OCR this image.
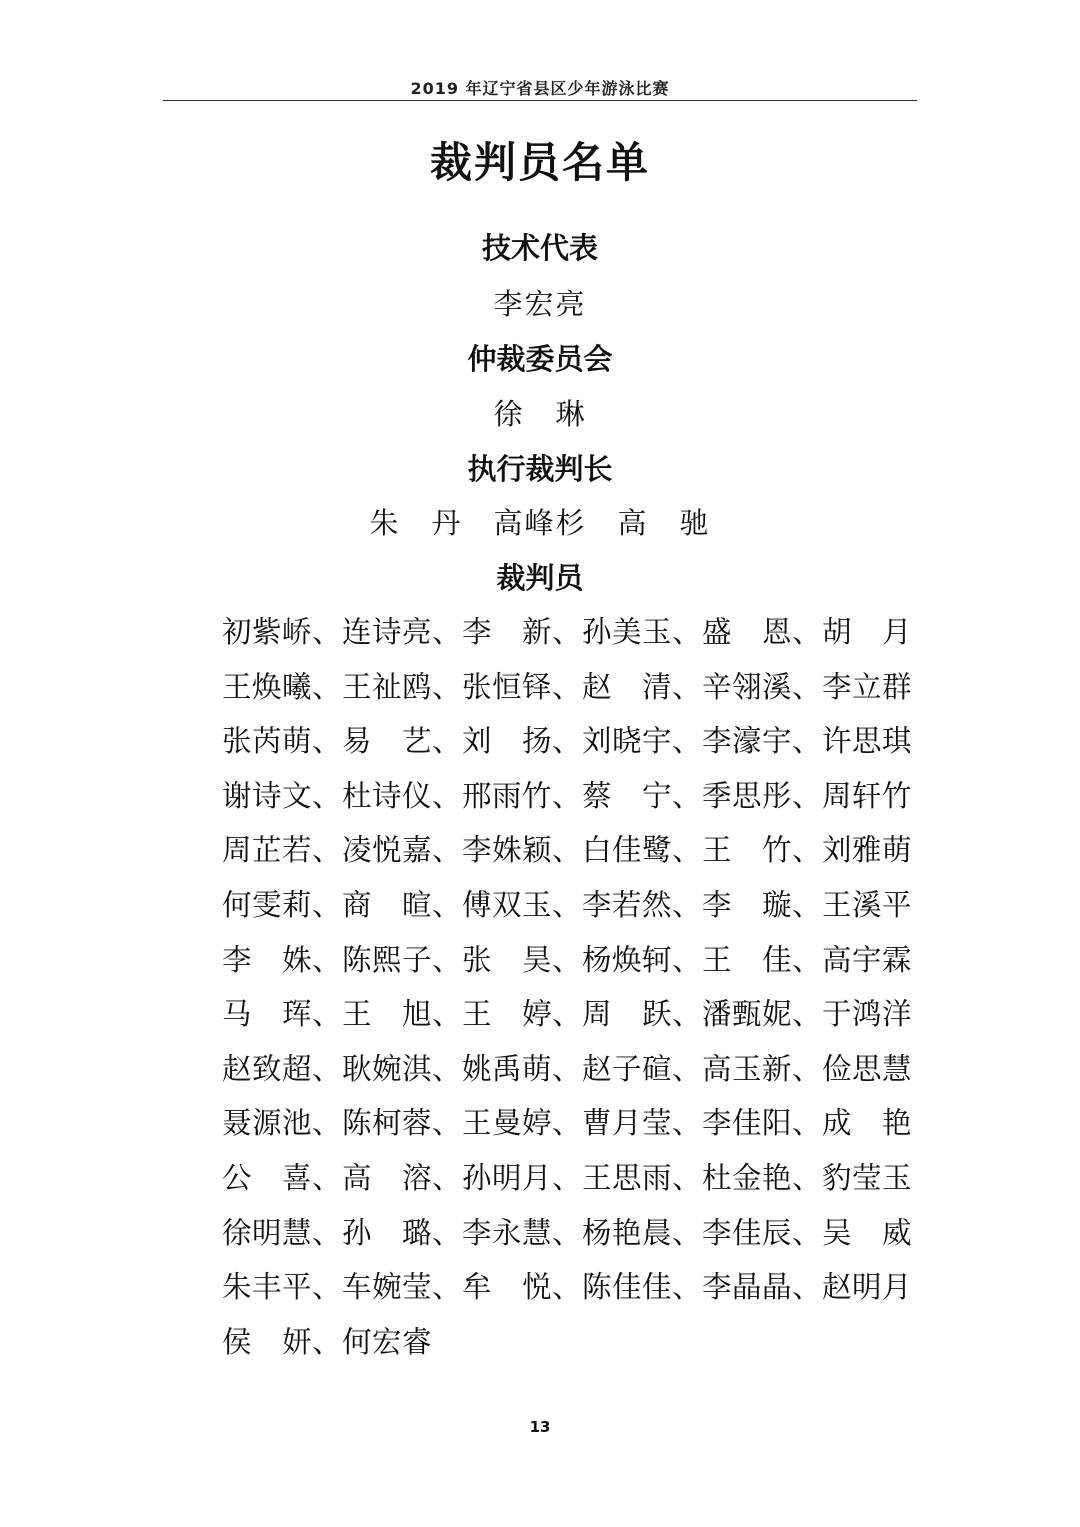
2019 年辽宁省县区少年游泳比赛
裁判员名单
技术代表
李宏亮
仲裁委员会
徐　琳
执行裁判长
朱　丹　高峰杉　高　驰
裁判员
初紫峤、连诗亮、李　新、孙美玉、盛　恩、胡　月
王焕曦、王祉鸥、张恒铎、赵　清、辛翎溪、李立群
张芮萌、易　艺、刘　扬、刘晓宇、李濠宇、许思琪
谢诗文、杜诗仪、邢雨竹、蔡　宁、季思彤、周轩竹
周芷若、凌悦嘉、李姝颖、白佳鹭、王　竹、刘雅萌
何雯莉、商　暄、傅双玉、李若然、李　璇、王溪平
李　姝、陈熙子、张　昊、杨焕轲、王　佳、高宇霖
马　珲、王　旭、王　婷、周　跃、潘甄妮、于鸿洋
赵致超、耿婉淇、姚禹萌、赵子碹、高玉新、俭思慧
聂源池、陈柯蓉、王曼婷、曹月莹、李佳阳、成　艳
公　喜、高　溶、孙明月、王思雨、杜金艳、豹莹玉
徐明慧、孙　璐、李永慧、杨艳晨、李佳辰、吴　威
朱丰平、车婉莹、牟　悦、陈佳佳、李晶晶、赵明月
侯　妍、何宏睿
13
